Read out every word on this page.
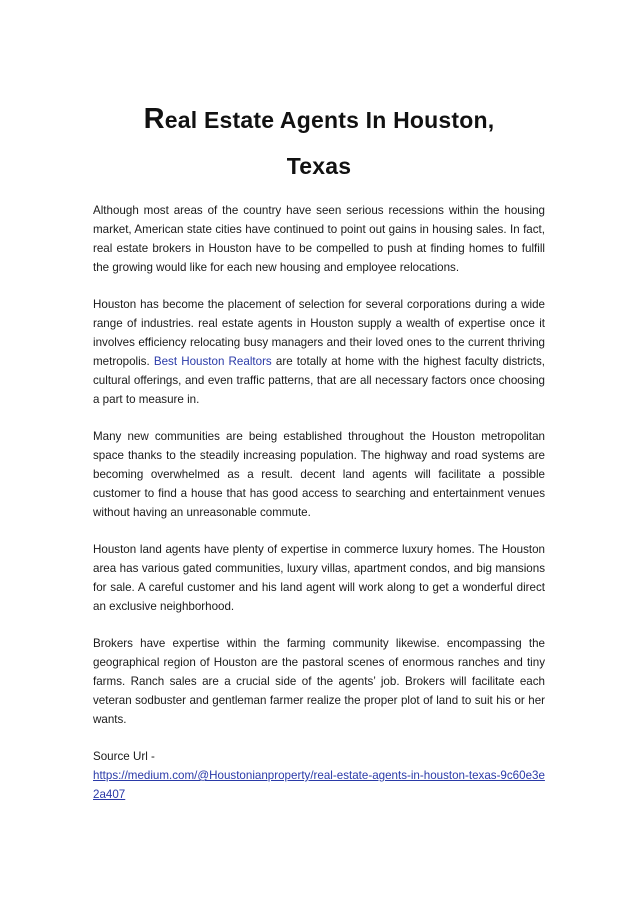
Real Estate Agents In Houston,
Texas

Although most areas of the country have seen serious recessions within the housing market, American state cities have continued to point out gains in housing sales. In fact, real estate brokers in Houston have to be compelled to push at finding homes to fulfill the growing would like for each new housing and employee relocations.

Houston has become the placement of selection for several corporations during a wide range of industries. real estate agents in Houston supply a wealth of expertise once it involves efficiency relocating busy managers and their loved ones to the current thriving metropolis. Best Houston Realtors are totally at home with the highest faculty districts, cultural offerings, and even traffic patterns, that are all necessary factors once choosing a part to measure in.

Many new communities are being established throughout the Houston metropolitan space thanks to the steadily increasing population. The highway and road systems are becoming overwhelmed as a result. decent land agents will facilitate a possible customer to find a house that has good access to searching and entertainment venues without having an unreasonable commute.

Houston land agents have plenty of expertise in commerce luxury homes. The Houston area has various gated communities, luxury villas, apartment condos, and big mansions for sale. A careful customer and his land agent will work along to get a wonderful direct an exclusive neighborhood.

Brokers have expertise within the farming community likewise. encompassing the geographical region of Houston are the pastoral scenes of enormous ranches and tiny farms. Ranch sales are a crucial side of the agents’ job. Brokers will facilitate each veteran sodbuster and gentleman farmer realize the proper plot of land to suit his or her wants.

Source Url -
https://medium.com/@Houstonianproperty/real-estate-agents-in-houston-texas-9c60e3e2a407
